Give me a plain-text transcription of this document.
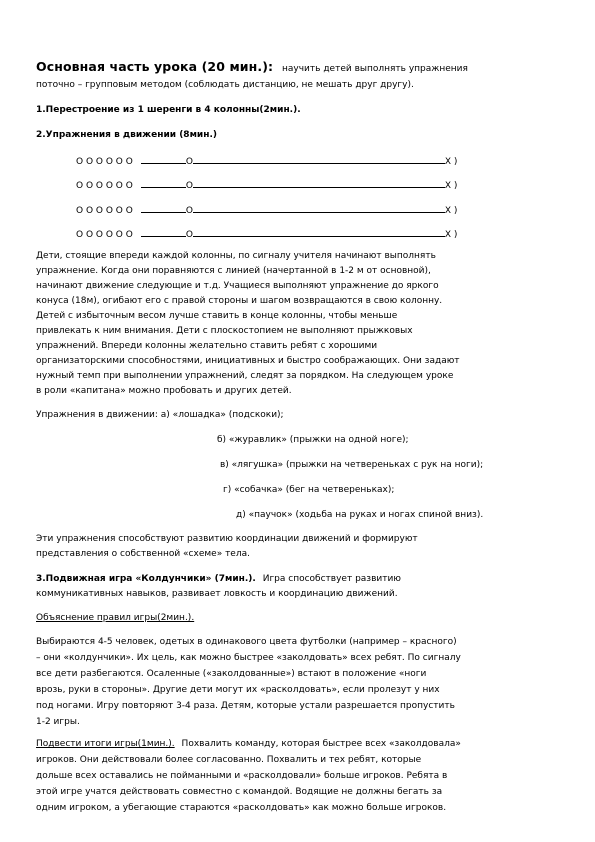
Основная часть урока (20 мин.): научить детей выполнять упражнения
поточно – групповым методом (соблюдать дистанцию, не мешать друг другу).
1.Перестроение из 1 шеренги в 4 колонны(2мин.).
2.Упражнения в движении (8мин.)
О О О О О О	О	Х )
О О О О О О	О	Х )
О О О О О О	О	Х )
О О О О О О	О	Х )
Дети, стоящие впереди каждой колонны, по сигналу учителя начинают выполнять
упражнение. Когда они поравняются с линией (начертанной в 1-2 м от основной),
начинают движение следующие и т.д. Учащиеся выполняют упражнение до яркого
конуса (18м), огибают его с правой стороны и шагом возвращаются в свою колонну.
Детей с избыточным весом лучше ставить в конце колонны, чтобы меньше
привлекать к ним внимания. Дети с плоскостопием не выполняют прыжковых
упражнений. Впереди колонны желательно ставить ребят с хорошими
организаторскими способностями, инициативных и быстро соображающих. Они задают
нужный темп при выполнении упражнений, следят за порядком. На следующем уроке
в роли «капитана» можно пробовать и других детей.
Упражнения в движении: а) «лошадка» (подскоки);
б) «журавлик» (прыжки на одной ноге);
в) «лягушка» (прыжки на четвереньках с рук на ноги);
г) «собачка» (бег на четвереньках);
д) «паучок» (ходьба на руках и ногах спиной вниз).
Эти упражнения способствуют развитию координации движений и формируют
представления о собственной «схеме» тела.
3.Подвижная игра «Колдунчики» (7мин.). Игра способствует развитию
коммуникативных навыков, развивает ловкость и координацию движений.
Объяснение правил игры(2мин.).
Выбираются 4-5 человек, одетых в одинакового цвета футболки (например – красного)
– они «колдунчики». Их цель, как можно быстрее «заколдовать» всех ребят. По сигналу
все дети разбегаются. Осаленные («заколдованные») встают в положение «ноги
врозь, руки в стороны». Другие дети могут их «расколдовать», если пролезут у них
под ногами. Игру повторяют 3-4 раза. Детям, которые устали разрешается пропустить
1-2 игры.
Подвести итоги игры(1мин.). Похвалить команду, которая быстрее всех «заколдовала»
игроков. Они действовали более согласованно. Похвалить и тех ребят, которые
дольше всех оставались не пойманными и «расколдовали» больше игроков. Ребята в
этой игре учатся действовать совместно с командой. Водящие не должны бегать за
одним игроком, а убегающие стараются «расколдовать» как можно больше игроков.
